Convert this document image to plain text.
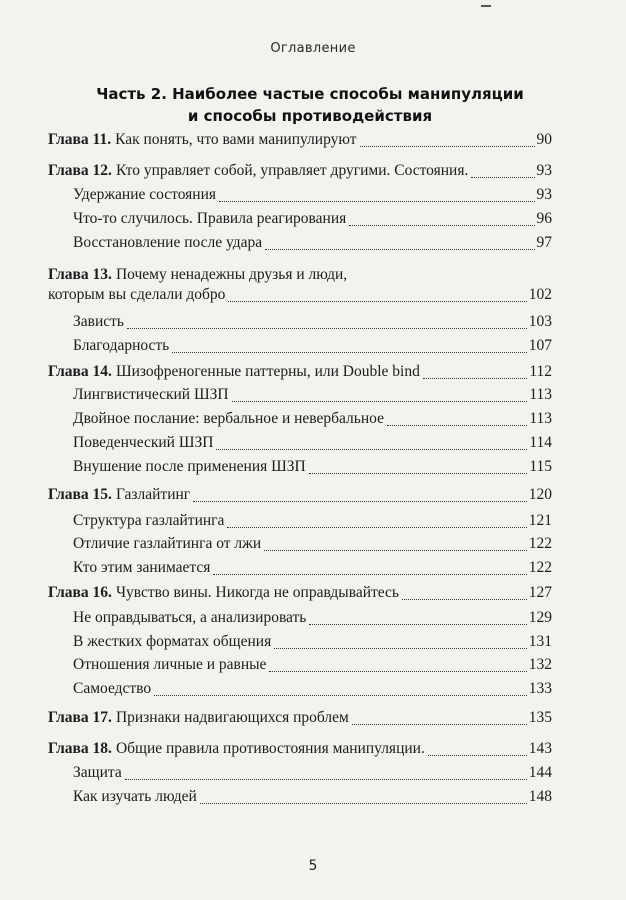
Оглавление
Часть 2. Наиболее частые способы манипуляции
и способы противодействия
Глава 11. Как понять, что вами манипулируют	90
Глава 12. Кто управляет собой, управляет другими. Состояния.	93
Удержание состояния	93
Что-то случилось. Правила реагирования	96
Восстановление после удара	97
Глава 13. Почему ненадежны друзья и люди,
которым вы сделали добро	102
Зависть	103
Благодарность	107
Глава 14. Шизофреногенные паттерны, или Double bind	112
Лингвистический ШЗП	113
Двойное послание: вербальное и невербальное	113
Поведенческий ШЗП	114
Внушение после применения ШЗП	115
Глава 15. Газлайтинг	120
Структура газлайтинга	121
Отличие газлайтинга от лжи	122
Кто этим занимается	122
Глава 16. Чувство вины. Никогда не оправдывайтесь	127
Не оправдываться, а анализировать	129
В жестких форматах общения	131
Отношения личные и равные	132
Самоедство	133
Глава 17. Признаки надвигающихся проблем	135
Глава 18. Общие правила противостояния манипуляции.	143
Защита	144
Как изучать людей	148
5
